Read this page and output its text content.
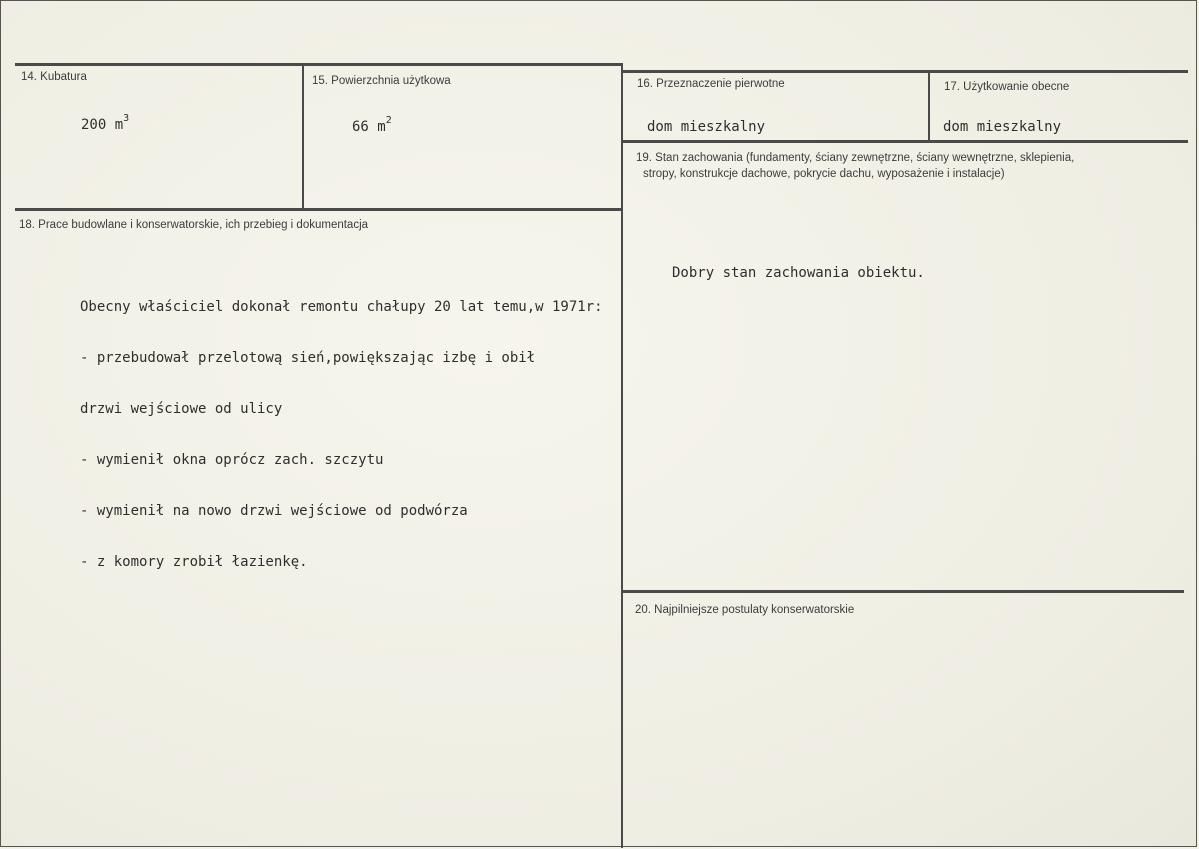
14. Kubatura
200 $m^3$
15. Powierzchnia użytkowa
66 $m^2$
16. Przeznaczenie pierwotne
dom mieszkalny
17. Użytkowanie obecne
dom mieszkalny
18. Prace budowlane i konserwatorskie, ich przebieg i dokumentacja

Obecny właściciel dokonał remontu chałupy 20 lat temu,w 1971r:

- przebudował przelotową sień,powiększając izbę i obił

drzwi wejściowe od ulicy

- wymienił okna oprócz zach. szczytu

- wymienił na nowo drzwi wejściowe od podwórza

- z komory zrobił łazienkę.

19. Stan zachowania (fundamenty, ściany zewnętrzne, ściany wewnętrzne, sklepienia,
stropy, konstrukcje dachowe, pokrycie dachu, wyposażenie i instalacje)
Dobry stan zachowania obiektu.
20. Najpilniejsze postulaty konserwatorskie
